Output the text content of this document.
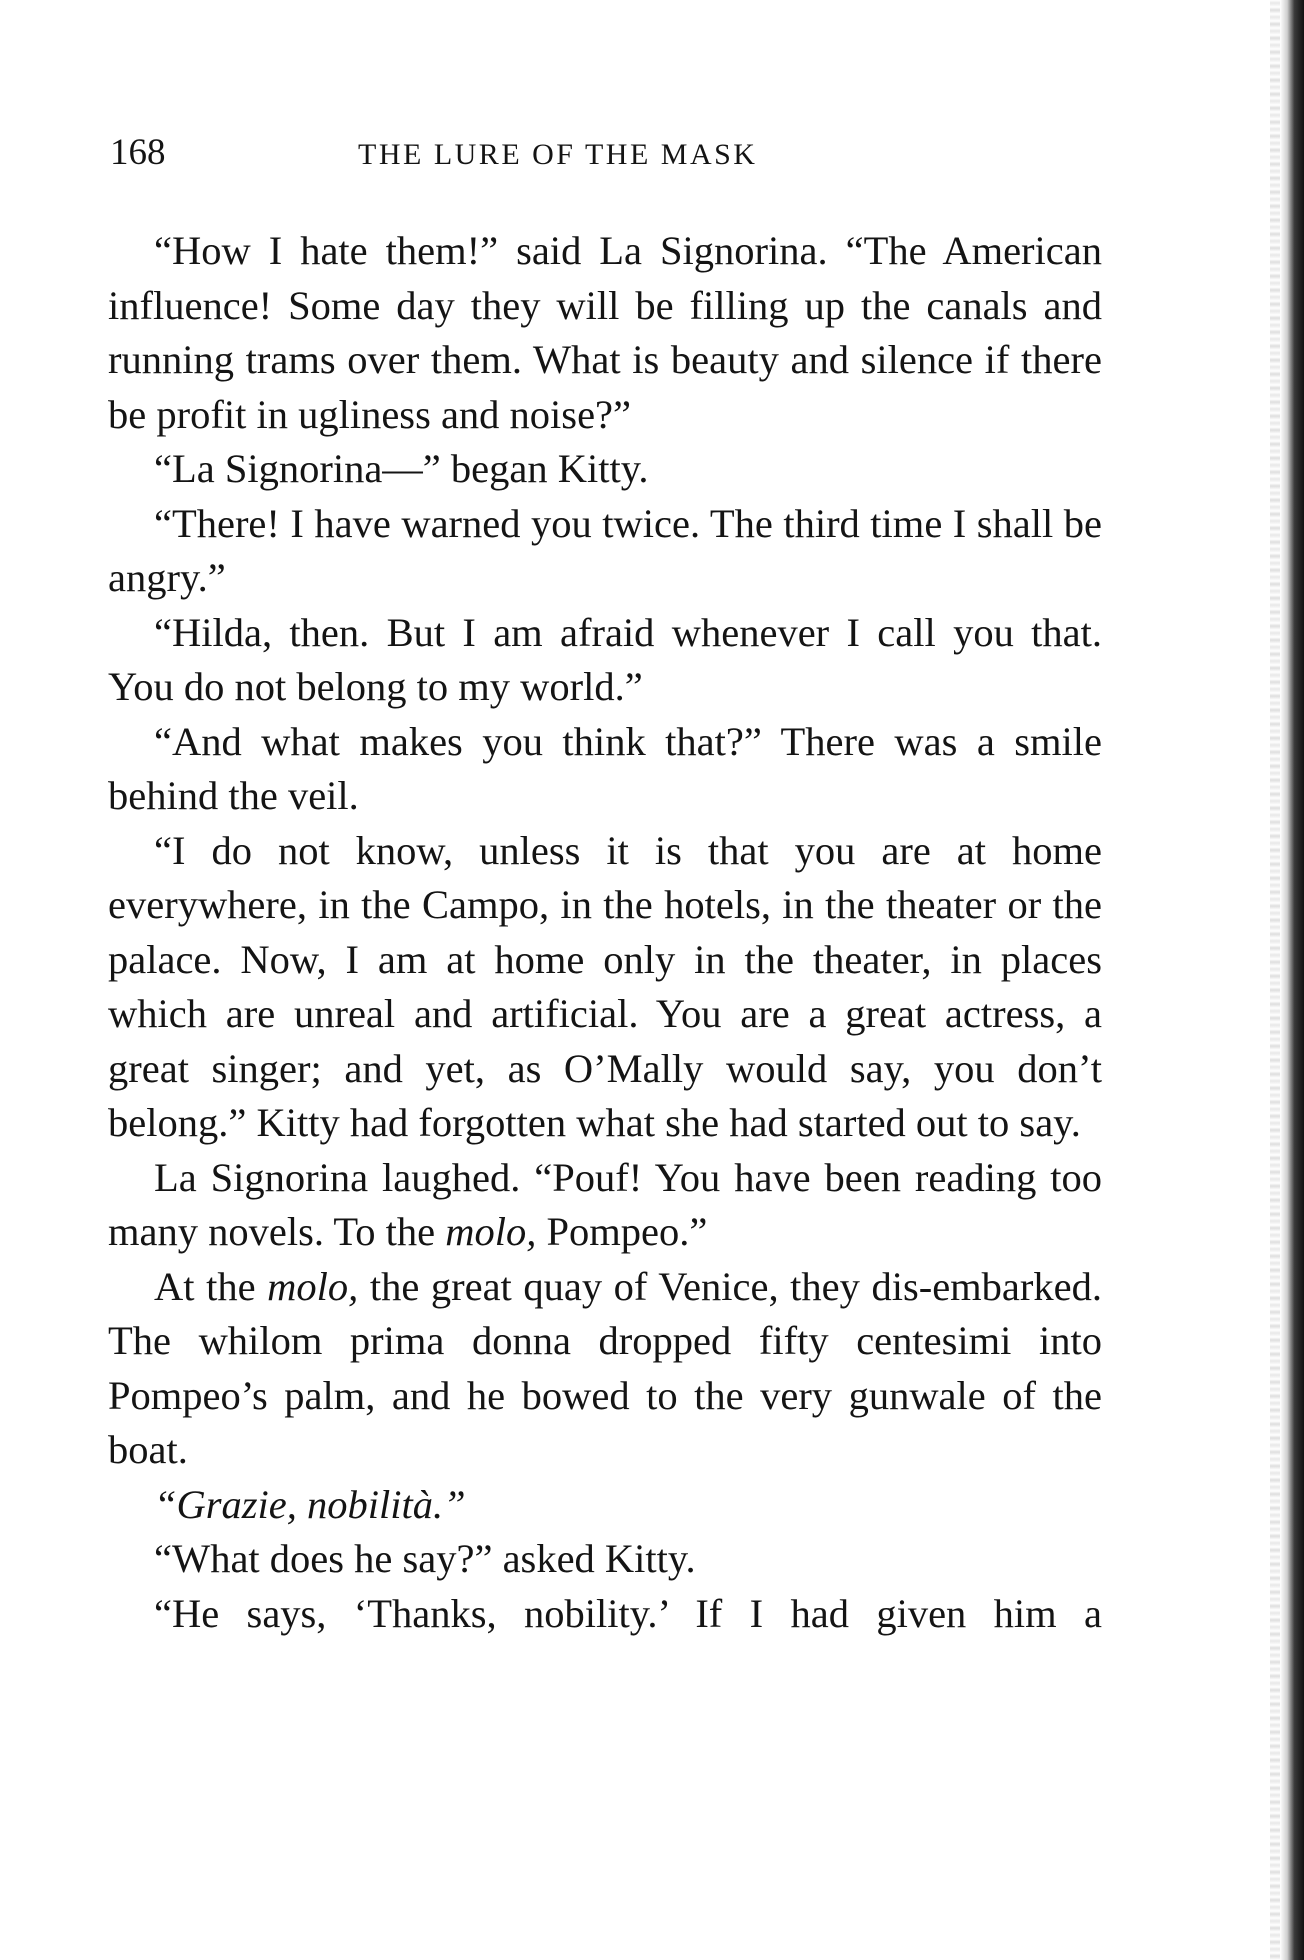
168	THE LURE OF THE MASK

“How I hate them!” said La Signorina. “The American influence! Some day they will be filling up the canals and running trams over them. What is beauty and silence if there be profit in ugliness and noise?”

“La Signorina—” began Kitty.

“There! I have warned you twice. The third time I shall be angry.”

“Hilda, then. But I am afraid whenever I call you that. You do not belong to my world.”

“And what makes you think that?” There was a smile behind the veil.

“I do not know, unless it is that you are at home everywhere, in the Campo, in the hotels, in the theater or the palace. Now, I am at home only in the theater, in places which are unreal and artificial. You are a great actress, a great singer; and yet, as O’Mally would say, you don’t belong.” Kitty had forgotten what she had started out to say.

La Signorina laughed. “Pouf! You have been reading too many novels. To the molo, Pompeo.”

At the molo, the great quay of Venice, they dis-embarked. The whilom prima donna dropped fifty centesimi into Pompeo’s palm, and he bowed to the very gunwale of the boat.

“Grazie, nobilità.”

“What does he say?” asked Kitty.

“He says, ‘Thanks, nobility.’ If I had given him a
